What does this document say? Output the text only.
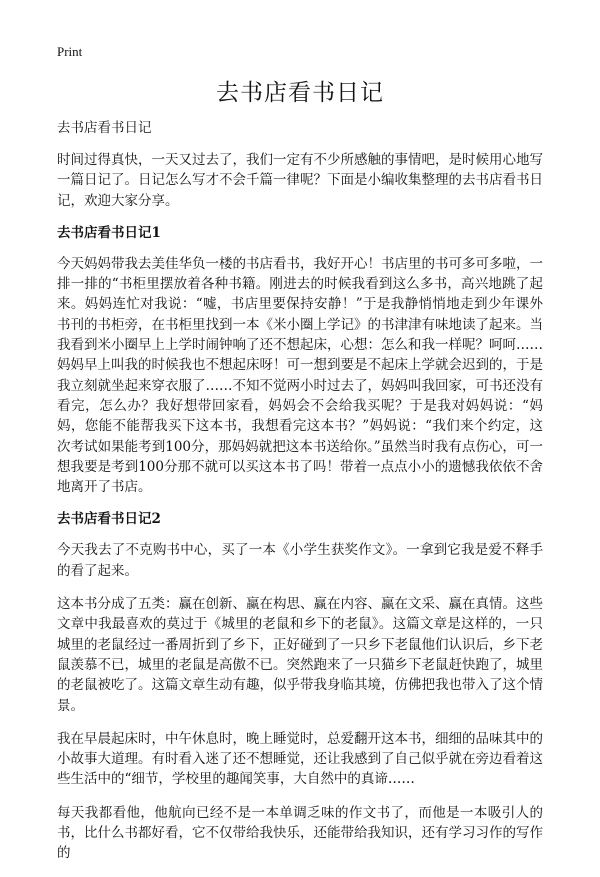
Print
去书店看书日记
去书店看书日记

时间过得真快，一天又过去了，我们一定有不少所感触的事情吧，是时候用心地写一篇日记了。日记怎么写才不会千篇一律呢？下面是小编收集整理的去书店看书日记，欢迎大家分享。

去书店看书日记1

今天妈妈带我去美佳华负一楼的书店看书，我好开心！书店里的书可多可多啦，一排一排的“书柜里摆放着各种书籍。刚进去的时候我看到这么多书，高兴地跳了起来。妈妈连忙对我说：“嘘，书店里要保持安静！”于是我静悄悄地走到少年课外书刊的书柜旁，在书柜里找到一本《米小圈上学记》的书津津有味地读了起来。当我看到米小圈早上上学时闹钟响了还不想起床，心想：怎么和我一样呢？呵呵……妈妈早上叫我的时候我也不想起床呀！可一想到要是不起床上学就会迟到的，于是我立刻就坐起来穿衣服了……不知不觉两小时过去了，妈妈叫我回家，可书还没有看完，怎么办？我好想带回家看，妈妈会不会给我买呢？于是我对妈妈说：“妈妈，您能不能帮我买下这本书，我想看完这本书？”妈妈说：“我们来个约定，这次考试如果能考到100分，那妈妈就把这本书送给你。”虽然当时我有点伤心，可一想我要是考到100分那不就可以买这本书了吗！带着一点点小小的遗憾我依依不舍地离开了书店。

去书店看书日记2

今天我去了不克购书中心，买了一本《小学生获奖作文》。一拿到它我是爱不释手的看了起来。

这本书分成了五类：赢在创新、赢在构思、赢在内容、赢在文采、赢在真情。这些文章中我最喜欢的莫过于《城里的老鼠和乡下的老鼠》。这篇文章是这样的，一只城里的老鼠经过一番周折到了乡下，正好碰到了一只乡下老鼠他们认识后，乡下老鼠羡慕不已，城里的老鼠是高傲不已。突然跑来了一只猫乡下老鼠赶快跑了，城里的老鼠被吃了。这篇文章生动有趣，似乎带我身临其境，仿佛把我也带入了这个情景。

我在早晨起床时，中午休息时，晚上睡觉时，总爱翻开这本书，细细的品味其中的小故事大道理。有时看入迷了还不想睡觉，还让我感到了自己似乎就在旁边看着这些生活中的“细节，学校里的趣闻笑事，大自然中的真谛……

每天我都看他，他航向已经不是一本单调乏味的作文书了，而他是一本吸引人的书，比什么书都好看，它不仅带给我快乐，还能带给我知识，还有学习习作的写作的
